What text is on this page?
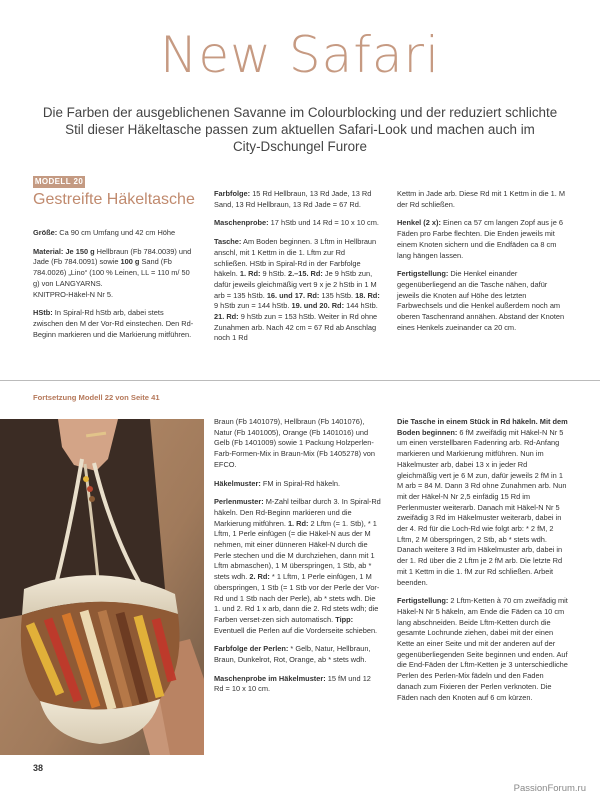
New Safari
Die Farben der ausgeblichenen Savanne im Colourblocking und der reduziert schlichte
Stil dieser Häkeltasche passen zum aktuellen Safari-Look und machen auch im
City-Dschungel Furore
MODELL 20
Gestreifte Häkeltasche

Größe: Ca 90 cm Umfang und 42 cm Höhe

Material: Je 150 g Hellbraun (Fb 784.0039) und Jade (Fb 784.0091) sowie 100 g Sand (Fb 784.0026) „Lino“ (100 % Leinen, LL = 110 m/ 50 g) von LANGYARNS.
KNITPRO-Häkel-N Nr 5.

HStb: In Spiral-Rd hStb arb, dabei stets zwischen den M der Vor-Rd einstechen. Den Rd-Beginn markieren und die Markierung mitführen.

Farbfolge: 15 Rd Hellbraun, 13 Rd Jade, 13 Rd Sand, 13 Rd Hellbraun, 13 Rd Jade = 67 Rd.

Maschenprobe: 17 hStb und 14 Rd = 10 x 10 cm.

Tasche: Am Boden beginnen. 3 Lftm in Hellbraun anschl, mit 1 Kettm in die 1. Lftm zur Rd schließen. HStb in Spiral-Rd in der Farbfolge häkeln. 1. Rd: 9 hStb. 2.–15. Rd: Je 9 hStb zun, dafür jeweils gleichmäßig vert 9 x je 2 hStb in 1 M arb = 135 hStb. 16. und 17. Rd: 135 hStb. 18. Rd: 9 hStb zun = 144 hStb. 19. und 20. Rd: 144 hStb. 21. Rd: 9 hStb zun = 153 hStb. Weiter in Rd ohne Zunahmen arb. Nach 42 cm = 67 Rd ab Anschlag noch 1 Rd

Kettm in Jade arb. Diese Rd mit 1 Kettm in die 1. M der Rd schließen.

Henkel (2 x): Einen ca 57 cm langen Zopf aus je 6 Fäden pro Farbe flechten. Die Enden jeweils mit einem Knoten sichern und die Endfäden ca 8 cm lang hängen lassen.

Fertigstellung: Die Henkel einander gegenüberliegend an die Tasche nähen, dafür jeweils die Knoten auf Höhe des letzten Farbwechsels und die Henkel außerdem noch am oberen Taschenrand annähen. Abstand der Knoten eines Henkels zueinander ca 20 cm.

Fortsetzung Modell 22 von Seite 41

Braun (Fb 1401079), Hellbraun (Fb 1401076), Natur (Fb 1401005), Orange (Fb 1401016) und Gelb (Fb 1401009) sowie 1 Packung Holzperlen-Farb-Formen-Mix in Braun-Mix (Fb 1405278) von EFCO.

Häkelmuster: FM in Spiral-Rd häkeln.

Perlenmuster: M-Zahl teilbar durch 3. In Spiral-Rd häkeln. Den Rd-Beginn markieren und die Markierung mitführen. 1. Rd: 2 Lftm (= 1. Stb), * 1 Lftm, 1 Perle einfügen (= die Häkel-N aus der M nehmen, mit einer dünneren Häkel-N durch die Perle stechen und die M durchziehen, dann mit 1 Lftm abmaschen), 1 M überspringen, 1 Stb, ab * stets wdh. 2. Rd: * 1 Lftm, 1 Perle einfügen, 1 M überspringen, 1 Stb (= 1 Stb vor der Perle der Vor-Rd und 1 Stb nach der Perle), ab * stets wdh. Die 1. und 2. Rd 1 x arb, dann die 2. Rd stets wdh; die Farben verset-zen sich automatisch. Tipp: Eventuell die Perlen auf die Vorderseite schieben.

Farbfolge der Perlen: * Gelb, Natur, Hellbraun, Braun, Dunkelrot, Rot, Orange, ab * stets wdh.

Maschenprobe im Häkelmuster: 15 fM und 12 Rd = 10 x 10 cm.

Die Tasche in einem Stück in Rd häkeln. Mit dem Boden beginnen: 6 fM zweifädig mit Häkel-N Nr 5 um einen verstellbaren Fadenring arb. Rd-Anfang markieren und Markierung mitführen. Nun im Häkelmuster arb, dabei 13 x in jeder Rd gleichmäßig vert je 6 M zun, dafür jeweils 2 fM in 1 M arb = 84 M. Dann 3 Rd ohne Zunahmen arb. Nun mit der Häkel-N Nr 2,5 einfädig 15 Rd im Perlenmuster weiterarb. Danach mit Häkel-N Nr 5 zweifädig 3 Rd im Häkelmuster weiterarb, dabei in der 4. Rd für die Loch-Rd wie folgt arb: * 2 fM, 2 Lftm, 2 M überspringen, 2 Stb, ab * stets wdh. Danach weitere 3 Rd im Häkelmuster arb, dabei in der 1. Rd über die 2 Lftm je 2 fM arb. Die letzte Rd mit 1 Kettm in die 1. fM zur Rd schließen. Arbeit beenden.

Fertigstellung: 2 Lftm-Ketten à 70 cm zweifädig mit Häkel-N Nr 5 häkeln, am Ende die Fäden ca 10 cm lang abschneiden. Beide Lftm-Ketten durch die gesamte Lochrunde ziehen, dabei mit der einen Kette an einer Seite und mit der anderen auf der gegenüberliegenden Seite beginnen und enden. Auf die End-Fäden der Lftm-Ketten je 3 unterschiedliche Perlen des Perlen-Mix fädeln und den Faden danach zum Fixieren der Perlen verknoten. Die Fäden nach den Knoten auf 6 cm kürzen.

38
PassionForum.ru
